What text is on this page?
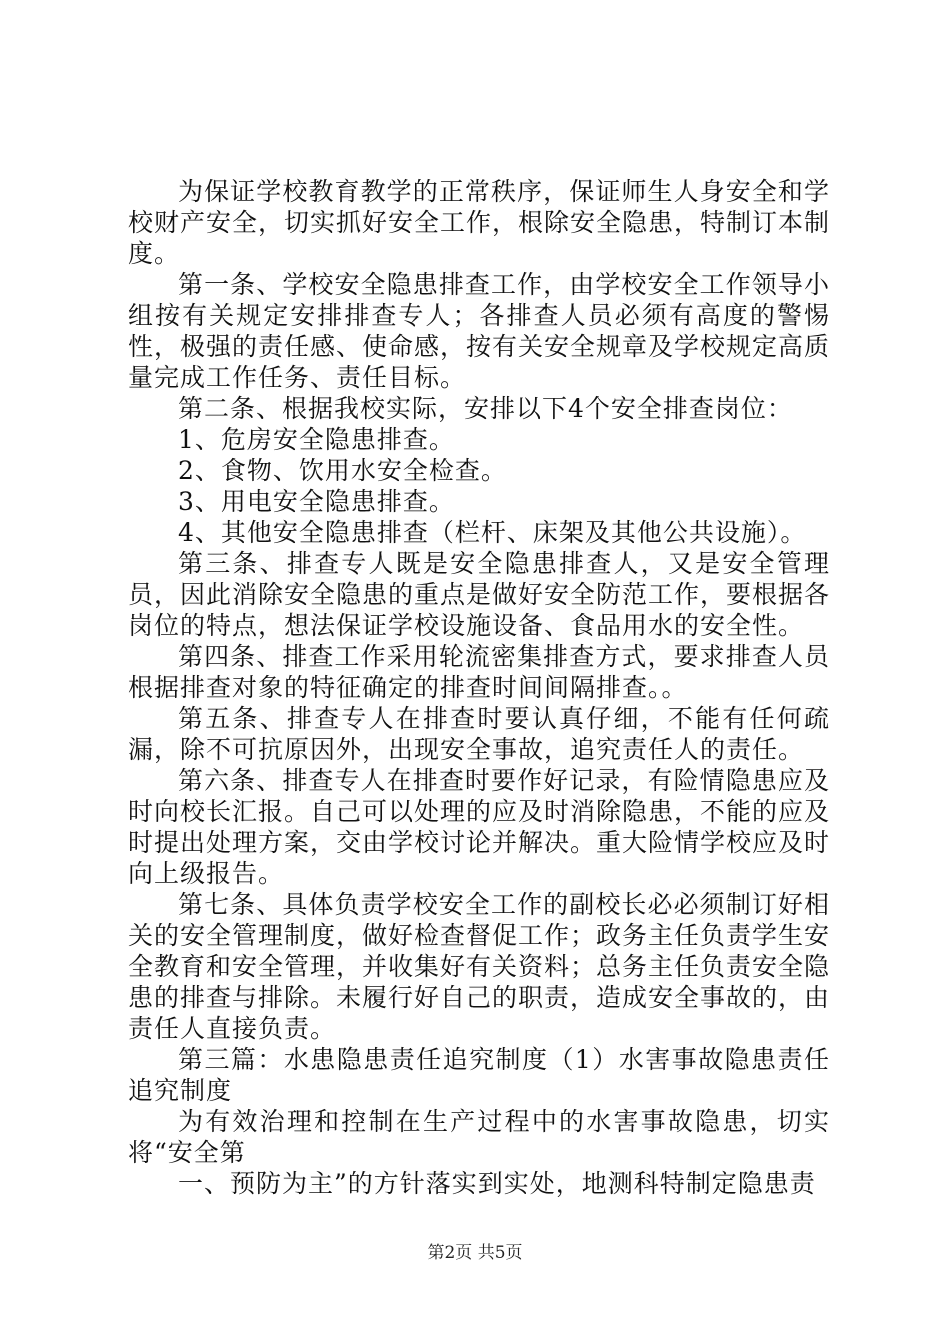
为保证学校教育教学的正常秩序，保证师生人身安全和学校财产安全，切实抓好安全工作，根除安全隐患，特制订本制度。

第一条、学校安全隐患排查工作，由学校安全工作领导小组按有关规定安排排查专人；各排查人员必须有高度的警惕性，极强的责任感、使命感，按有关安全规章及学校规定高质量完成工作任务、责任目标。

第二条、根据我校实际，安排以下4个安全排查岗位：

1、危房安全隐患排查。

2、食物、饮用水安全检查。

3、用电安全隐患排查。

4、其他安全隐患排查（栏杆、床架及其他公共设施）。

第三条、排查专人既是安全隐患排查人，又是安全管理员，因此消除安全隐患的重点是做好安全防范工作，要根据各岗位的特点，想法保证学校设施设备、食品用水的安全性。

第四条、排查工作采用轮流密集排查方式，要求排查人员根据排查对象的特征确定的排查时间间隔排查。。

第五条、排查专人在排查时要认真仔细，不能有任何疏漏，除不可抗原因外，出现安全事故，追究责任人的责任。

第六条、排查专人在排查时要作好记录，有险情隐患应及时向校长汇报。自己可以处理的应及时消除隐患，不能的应及时提出处理方案，交由学校讨论并解决。重大险情学校应及时向上级报告。

第七条、具体负责学校安全工作的副校长必必须制订好相关的安全管理制度，做好检查督促工作；政务主任负责学生安全教育和安全管理，并收集好有关资料；总务主任负责安全隐患的排查与排除。未履行好自己的职责，造成安全事故的，由责任人直接负责。

第三篇：水患隐患责任追究制度（1）水害事故隐患责任追究制度

为有效治理和控制在生产过程中的水害事故隐患，切实将“安全第

一、预防为主”的方针落实到实处，地测科特制定隐患责

第2页 共5页
